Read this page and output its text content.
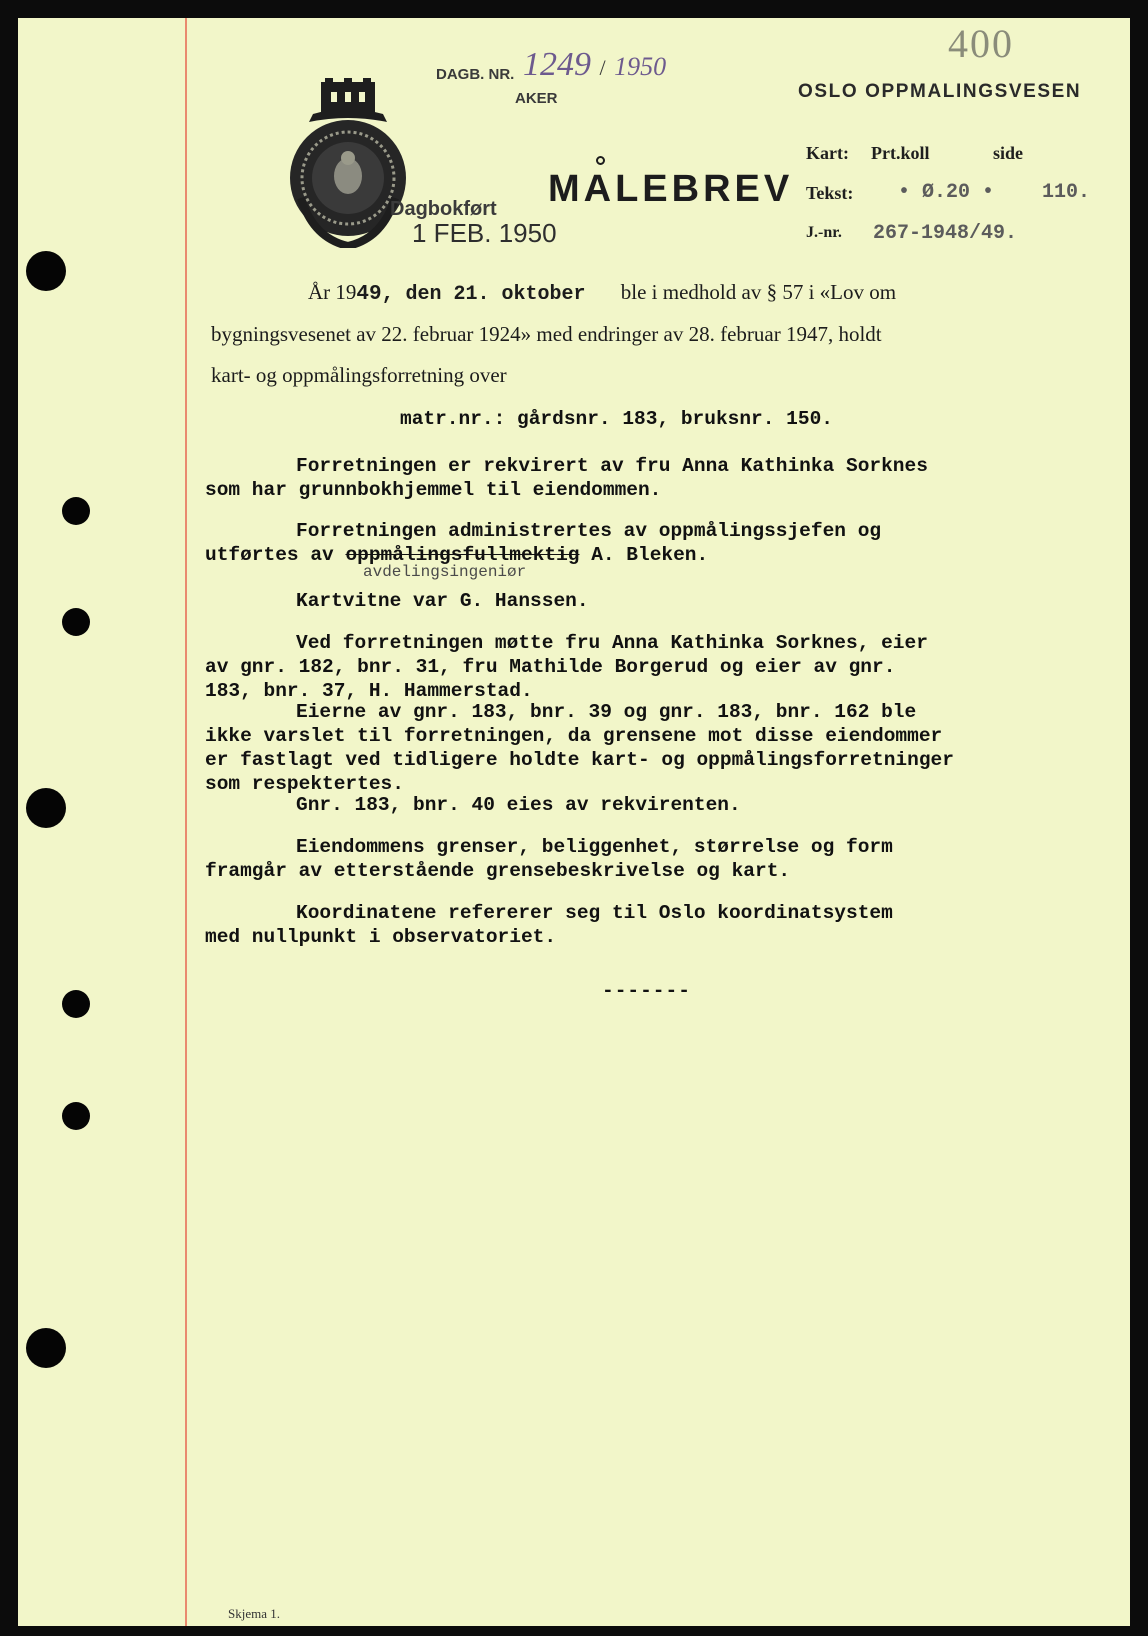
400
OSLO OPPMALINGSVESEN
DAGB. NR. 1249 / 1950
AKER
Dagbokført
1 FEB. 1950
MALEBREV
Kart: Prt.koll	side
Tekst: • Ø.20 • 110.
J.-nr. 267-1948/49.
År 1949, den 21. oktober ble i medhold av § 57 i «Lov om
bygningsvesenet av 22. februar 1924» med endringer av 28. februar 1947, holdt
kart- og oppmålingsforretning over
matr.nr.: gårdsnr. 183, bruksnr. 150.
Forretningen er rekvirert av fru Anna Kathinka Sorknes
som har grunnbokhjemmel til eiendommen.
Forretningen administrertes av oppmålingssjefen og
utførtes av oppmålingsfullmektig A. Bleken.
avdelingsingeniør
Kartvitne var G. Hanssen.
Ved forretningen møtte fru Anna Kathinka Sorknes, eier
av gnr. 182, bnr. 31, fru Mathilde Borgerud og eier av gnr.
183, bnr. 37, H. Hammerstad.
Eierne av gnr. 183, bnr. 39 og gnr. 183, bnr. 162 ble
ikke varslet til forretningen, da grensene mot disse eiendommer
er fastlagt ved tidligere holdte kart- og oppmålingsforretninger
som respektertes.
Gnr. 183, bnr. 40 eies av rekvirenten.
Eiendommens grenser, beliggenhet, størrelse og form
framgår av etterstående grensebeskrivelse og kart.
Koordinatene refererer seg til Oslo koordinatsystem
med nullpunkt i observatoriet.
-------
Skjema 1.
